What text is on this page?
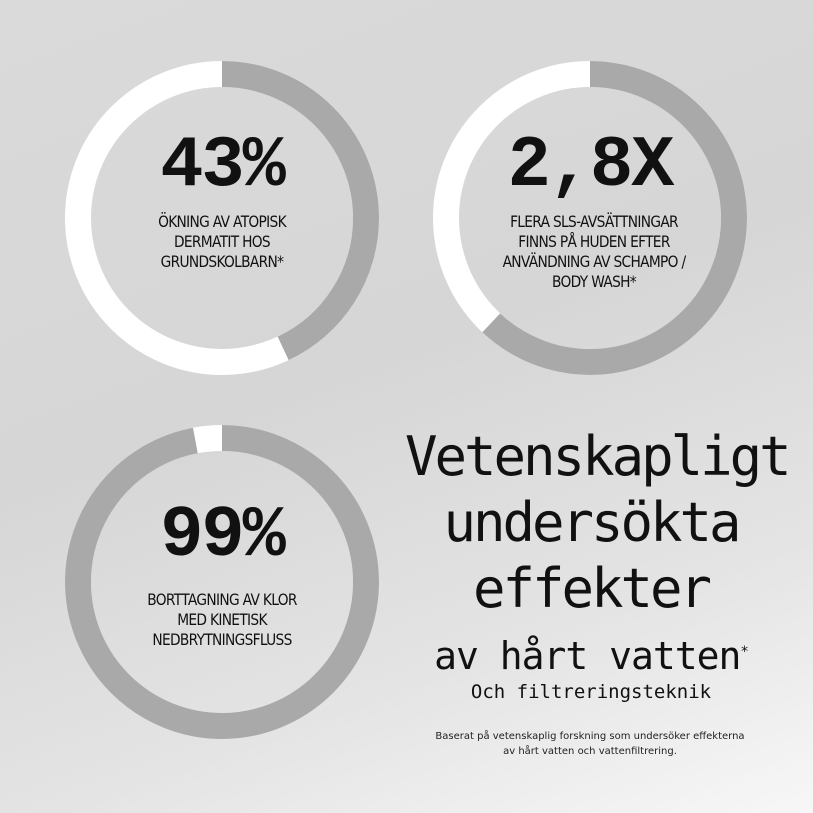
43%
ÖKNING AV ATOPISK DERMATIT HOS GRUNDSKOLBARN*
2,8X
FLERA SLS-AVSÄTTNINGAR FINNS PÅ HUDEN EFTER ANVÄNDNING AV SCHAMPO / BODY WASH*
99%
BORTTAGNING AV KLOR MED KINETISK NEDBRYTNINGSFLUSS
Vetenskapligt
undersökta
effekter
av hårt vatten*
Och filtreringsteknik
Baserat på vetenskaplig forskning som undersöker effekterna
av hårt vatten och vattenfiltrering.
